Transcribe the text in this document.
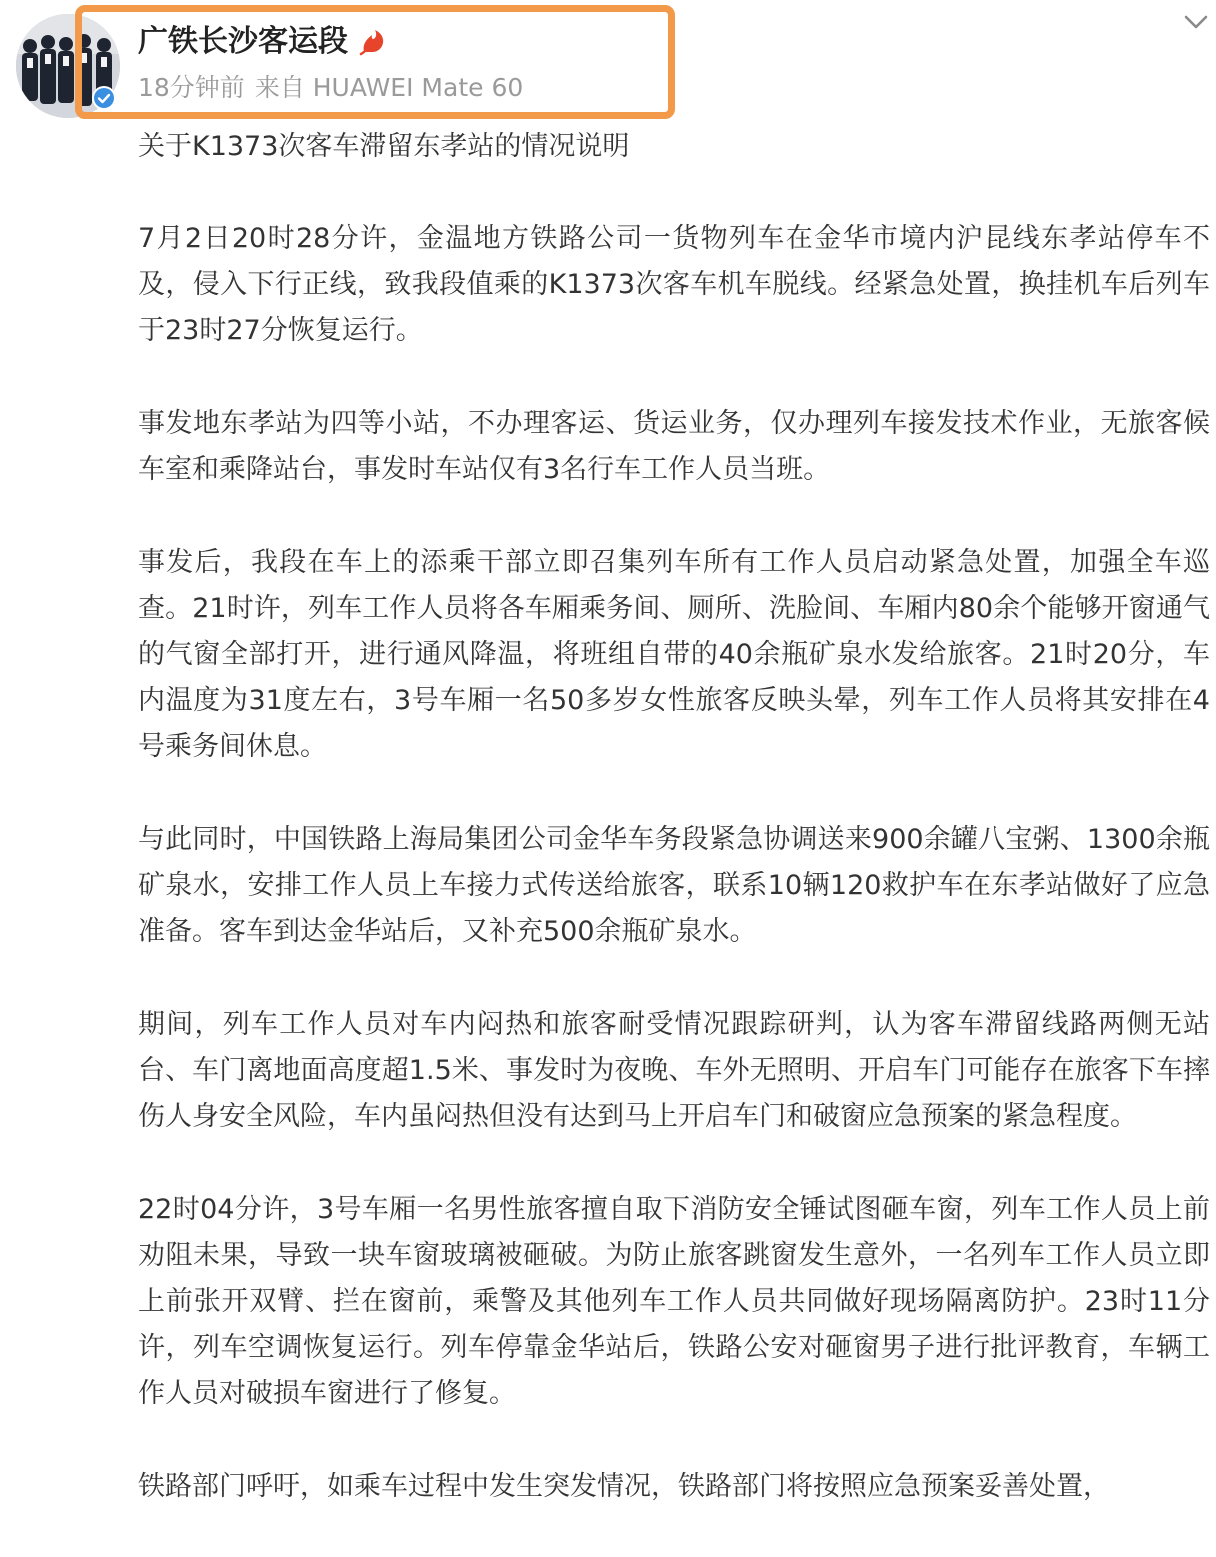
广铁长沙客运段
18分钟前 来自 HUAWEI Mate 60

关于K1373次客车滞留东孝站的情况说明

7月2日20时28分许，金温地方铁路公司一货物列车在金华市境内沪昆线东孝站停车不及，侵入下行正线，致我段值乘的K1373次客车机车脱线。经紧急处置，换挂机车后列车于23时27分恢复运行。

事发地东孝站为四等小站，不办理客运、货运业务，仅办理列车接发技术作业，无旅客候车室和乘降站台，事发时车站仅有3名行车工作人员当班。

事发后，我段在车上的添乘干部立即召集列车所有工作人员启动紧急处置，加强全车巡查。21时许，列车工作人员将各车厢乘务间、厕所、洗脸间、车厢内80余个能够开窗通气的气窗全部打开，进行通风降温，将班组自带的40余瓶矿泉水发给旅客。21时20分，车内温度为31度左右，3号车厢一名50多岁女性旅客反映头晕，列车工作人员将其安排在4号乘务间休息。

与此同时，中国铁路上海局集团公司金华车务段紧急协调送来900余罐八宝粥、1300余瓶矿泉水，安排工作人员上车接力式传送给旅客，联系10辆120救护车在东孝站做好了应急准备。客车到达金华站后，又补充500余瓶矿泉水。

期间，列车工作人员对车内闷热和旅客耐受情况跟踪研判，认为客车滞留线路两侧无站台、车门离地面高度超1.5米、事发时为夜晚、车外无照明、开启车门可能存在旅客下车摔伤人身安全风险，车内虽闷热但没有达到马上开启车门和破窗应急预案的紧急程度。

22时04分许，3号车厢一名男性旅客擅自取下消防安全锤试图砸车窗，列车工作人员上前劝阻未果，导致一块车窗玻璃被砸破。为防止旅客跳窗发生意外，一名列车工作人员立即上前张开双臂、拦在窗前，乘警及其他列车工作人员共同做好现场隔离防护。23时11分许，列车空调恢复运行。列车停靠金华站后，铁路公安对砸窗男子进行批评教育，车辆工作人员对破损车窗进行了修复。

铁路部门呼吁，如乘车过程中发生突发情况，铁路部门将按照应急预案妥善处置，
